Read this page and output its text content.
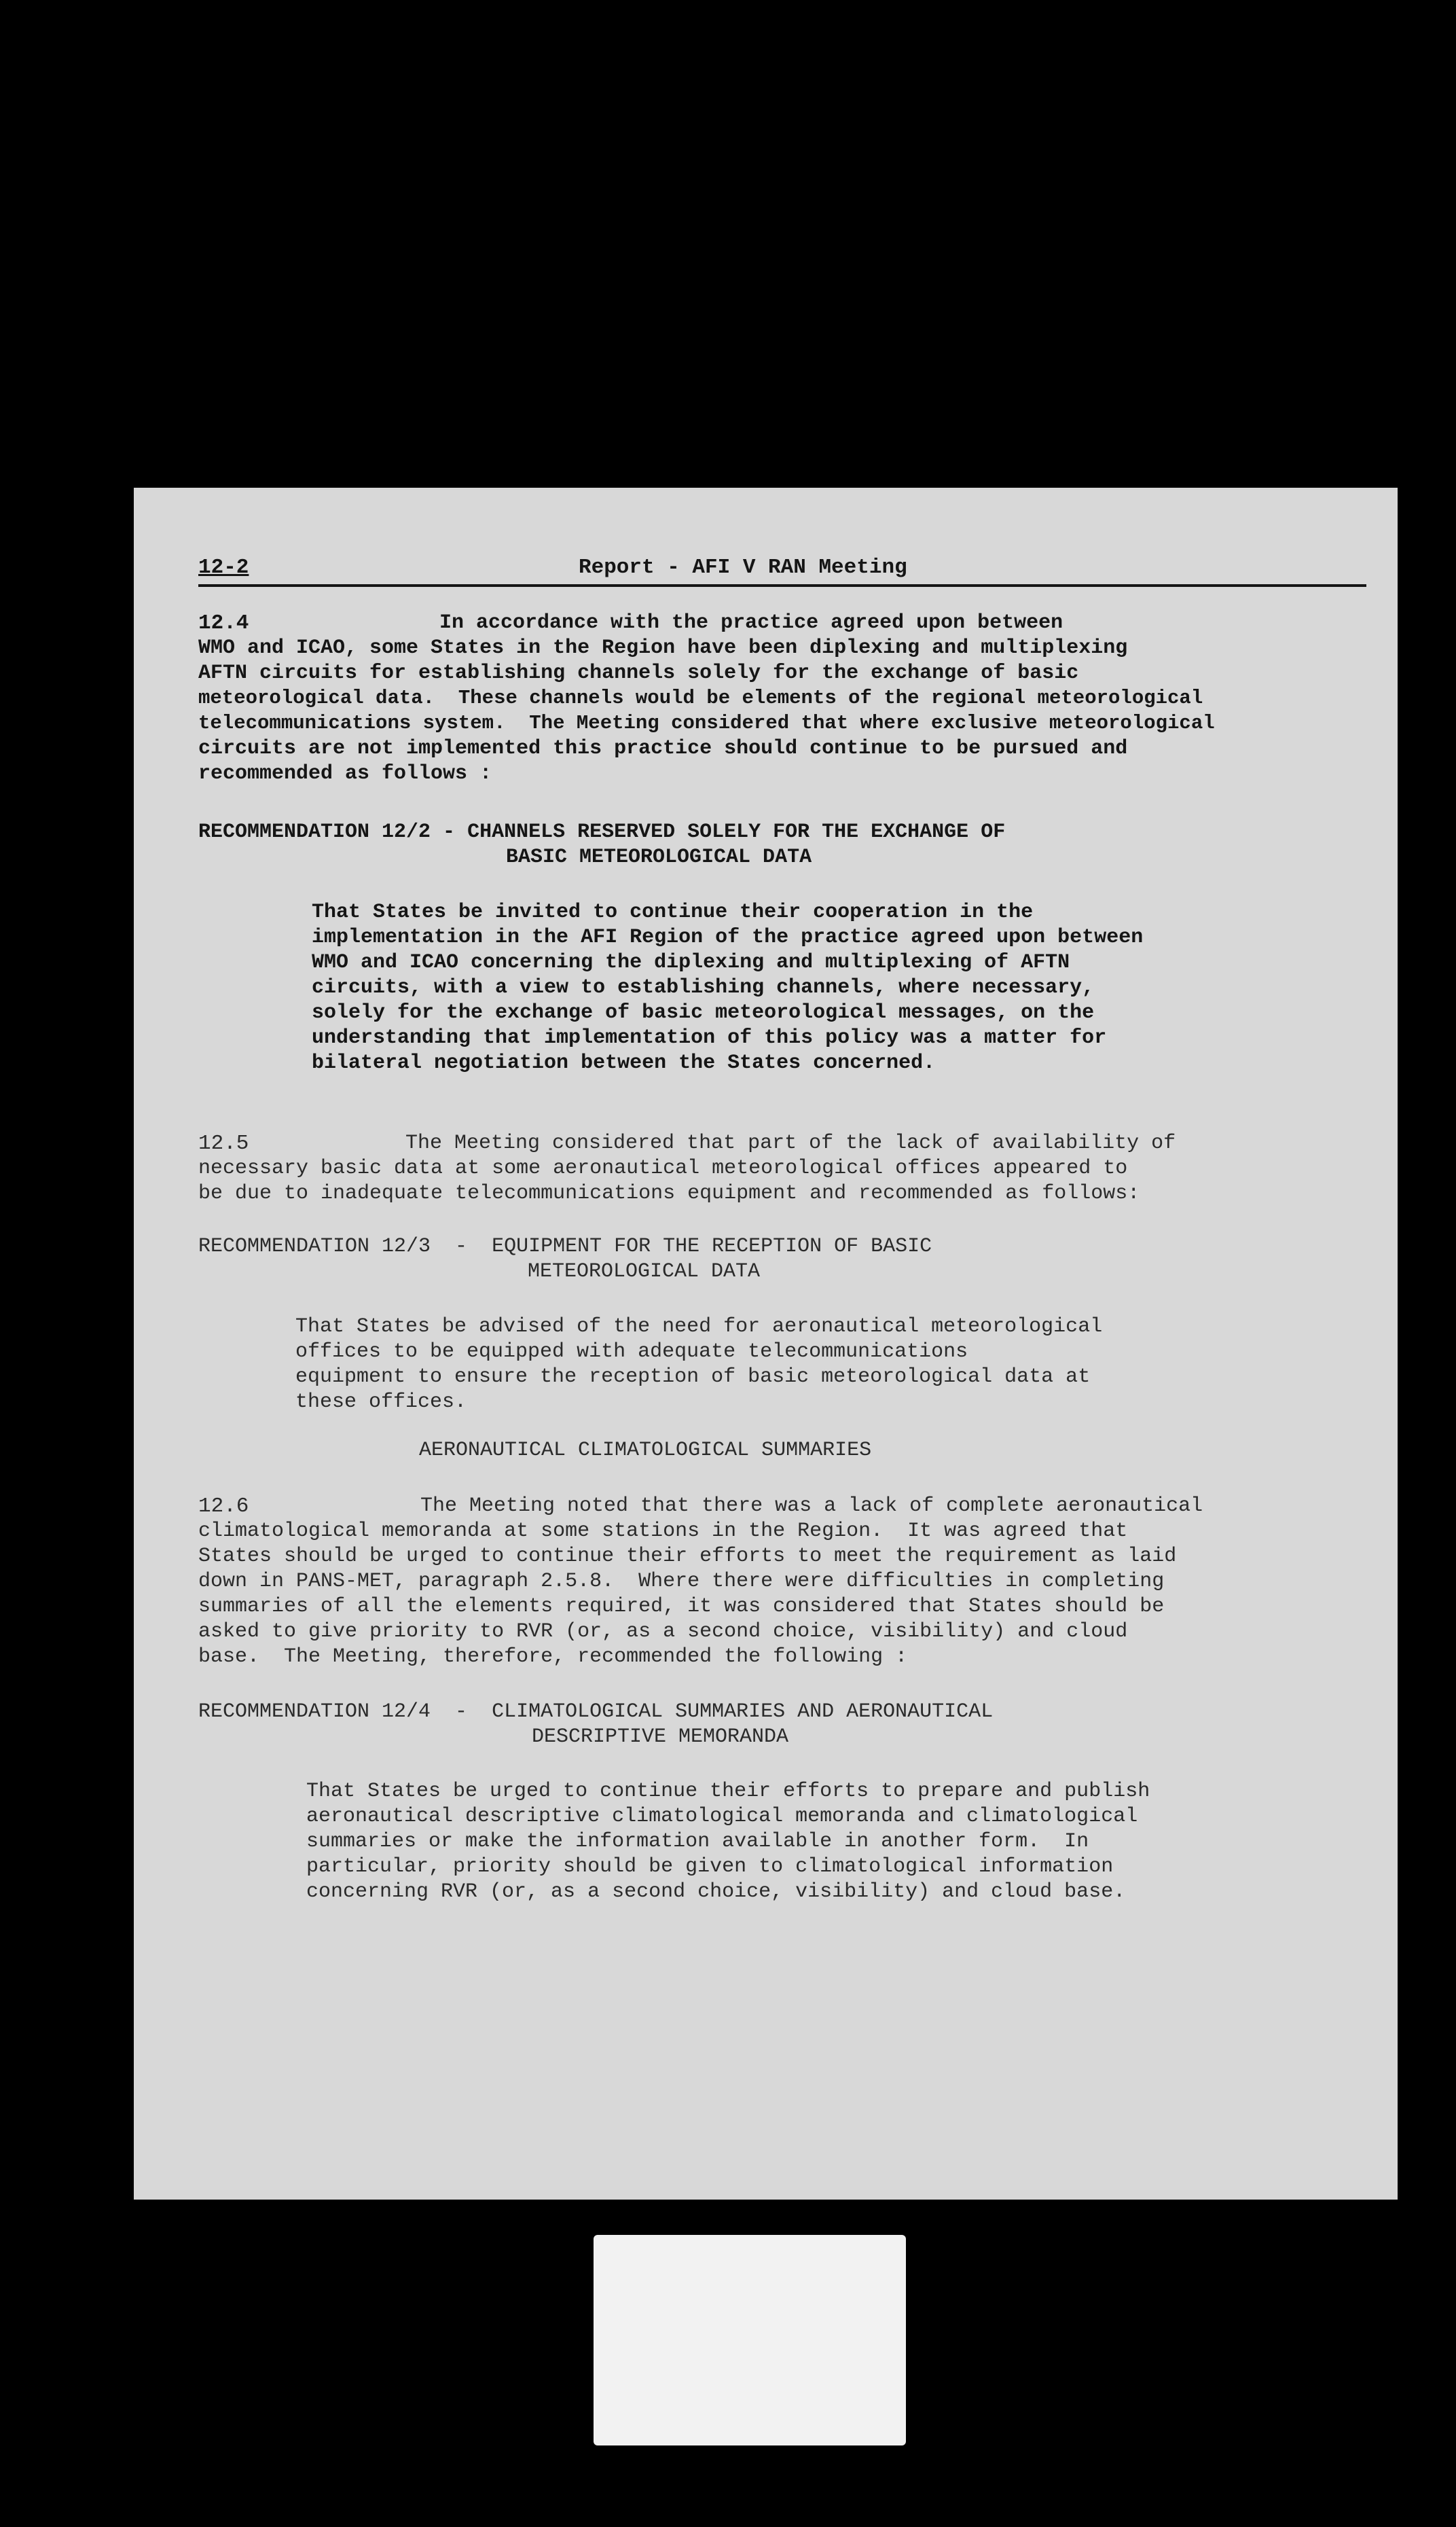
12-2	Report - AFI V RAN Meeting
12.4	In accordance with the practice agreed upon between
WMO and ICAO, some States in the Region have been diplexing and multiplexing
AFTN circuits for establishing channels solely for the exchange of basic
meteorological data.  These channels would be elements of the regional meteorological
telecommunications system.  The Meeting considered that where exclusive meteorological
circuits are not implemented this practice should continue to be pursued and
recommended as follows :
RECOMMENDATION 12/2 - CHANNELS RESERVED SOLELY FOR THE EXCHANGE OF
BASIC METEOROLOGICAL DATA
That States be invited to continue their cooperation in the
implementation in the AFI Region of the practice agreed upon between
WMO and ICAO concerning the diplexing and multiplexing of AFTN
circuits, with a view to establishing channels, where necessary,
solely for the exchange of basic meteorological messages, on the
understanding that implementation of this policy was a matter for
bilateral negotiation between the States concerned.
12.5	The Meeting considered that part of the lack of availability of
necessary basic data at some aeronautical meteorological offices appeared to
be due to inadequate telecommunications equipment and recommended as follows:
RECOMMENDATION 12/3  -  EQUIPMENT FOR THE RECEPTION OF BASIC
METEOROLOGICAL DATA
That States be advised of the need for aeronautical meteorological
offices to be equipped with adequate telecommunications
equipment to ensure the reception of basic meteorological data at
these offices.
AERONAUTICAL CLIMATOLOGICAL SUMMARIES
12.6	The Meeting noted that there was a lack of complete aeronautical
climatological memoranda at some stations in the Region.  It was agreed that
States should be urged to continue their efforts to meet the requirement as laid
down in PANS-MET, paragraph 2.5.8.  Where there were difficulties in completing
summaries of all the elements required, it was considered that States should be
asked to give priority to RVR (or, as a second choice, visibility) and cloud
base.  The Meeting, therefore, recommended the following :
RECOMMENDATION 12/4  -  CLIMATOLOGICAL SUMMARIES AND AERONAUTICAL
DESCRIPTIVE MEMORANDA
That States be urged to continue their efforts to prepare and publish
aeronautical descriptive climatological memoranda and climatological
summaries or make the information available in another form.  In
particular, priority should be given to climatological information
concerning RVR (or, as a second choice, visibility) and cloud base.
